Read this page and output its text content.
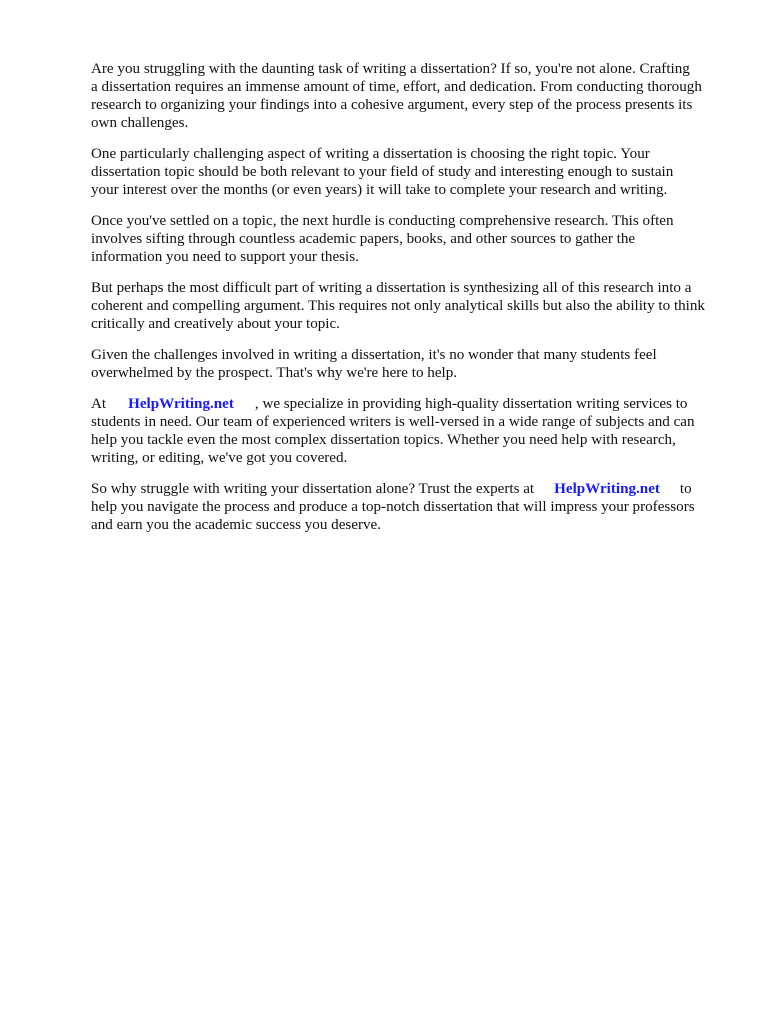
Are you struggling with the daunting task of writing a dissertation? If so, you're not alone. Crafting
a dissertation requires an immense amount of time, effort, and dedication. From conducting thorough
research to organizing your findings into a cohesive argument, every step of the process presents its
own challenges.
One particularly challenging aspect of writing a dissertation is choosing the right topic. Your
dissertation topic should be both relevant to your field of study and interesting enough to sustain
your interest over the months (or even years) it will take to complete your research and writing.
Once you've settled on a topic, the next hurdle is conducting comprehensive research. This often
involves sifting through countless academic papers, books, and other sources to gather the
information you need to support your thesis.
But perhaps the most difficult part of writing a dissertation is synthesizing all of this research into a
coherent and compelling argument. This requires not only analytical skills but also the ability to think
critically and creatively about your topic.
Given the challenges involved in writing a dissertation, it's no wonder that many students feel
overwhelmed by the prospect. That's why we're here to help.
At HelpWriting.net , we specialize in providing high-quality dissertation writing services to
students in need. Our team of experienced writers is well-versed in a wide range of subjects and can
help you tackle even the most complex dissertation topics. Whether you need help with research,
writing, or editing, we've got you covered.
So why struggle with writing your dissertation alone? Trust the experts at HelpWriting.net to
help you navigate the process and produce a top-notch dissertation that will impress your professors
and earn you the academic success you deserve.
